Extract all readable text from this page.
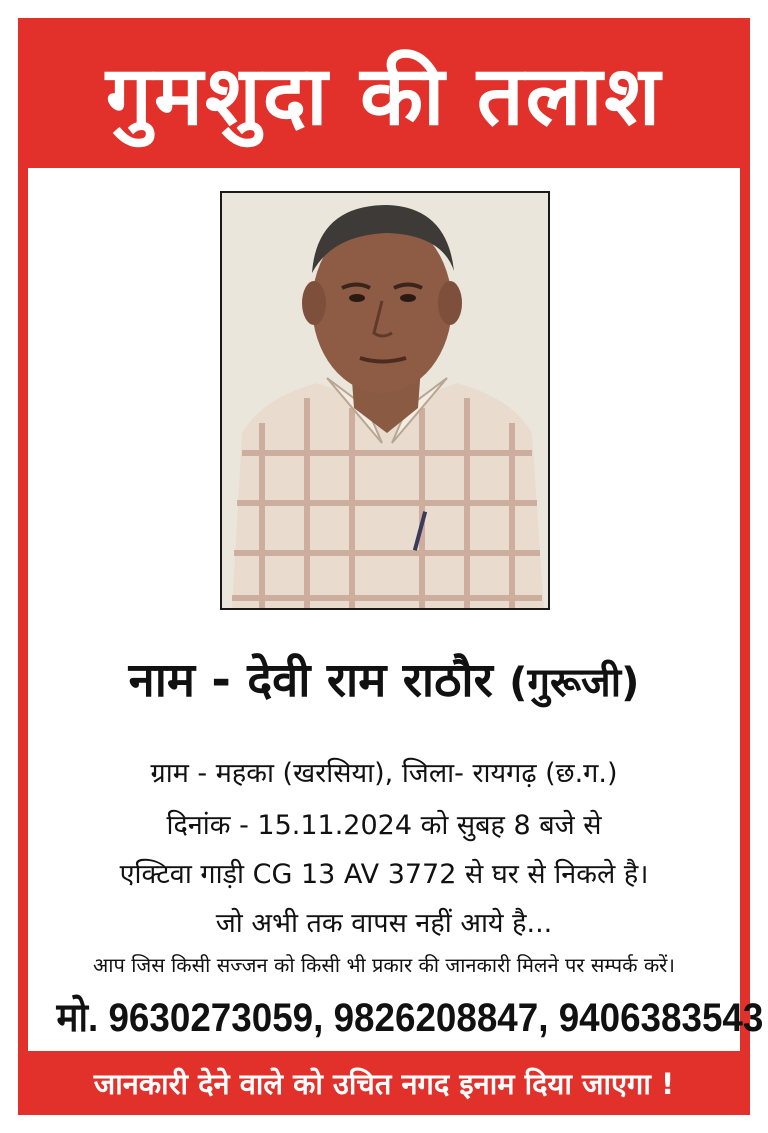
गुमशुदा की तलाश
नाम - देवी राम राठौर (गुरूजी)
ग्राम - महका (खरसिया), जिला- रायगढ़ (छ.ग.)
दिनांक - 15.11.2024 को सुबह 8 बजे से
एक्टिवा गाड़ी CG 13 AV 3772 से घर से निकले है।
जो अभी तक वापस नहीं आये है...
आप जिस किसी सज्जन को किसी भी प्रकार की जानकारी मिलने पर सम्पर्क करें।
मो. 9630273059, 9826208847, 9406383543
जानकारी देने वाले को उचित नगद इनाम दिया जाएगा !
